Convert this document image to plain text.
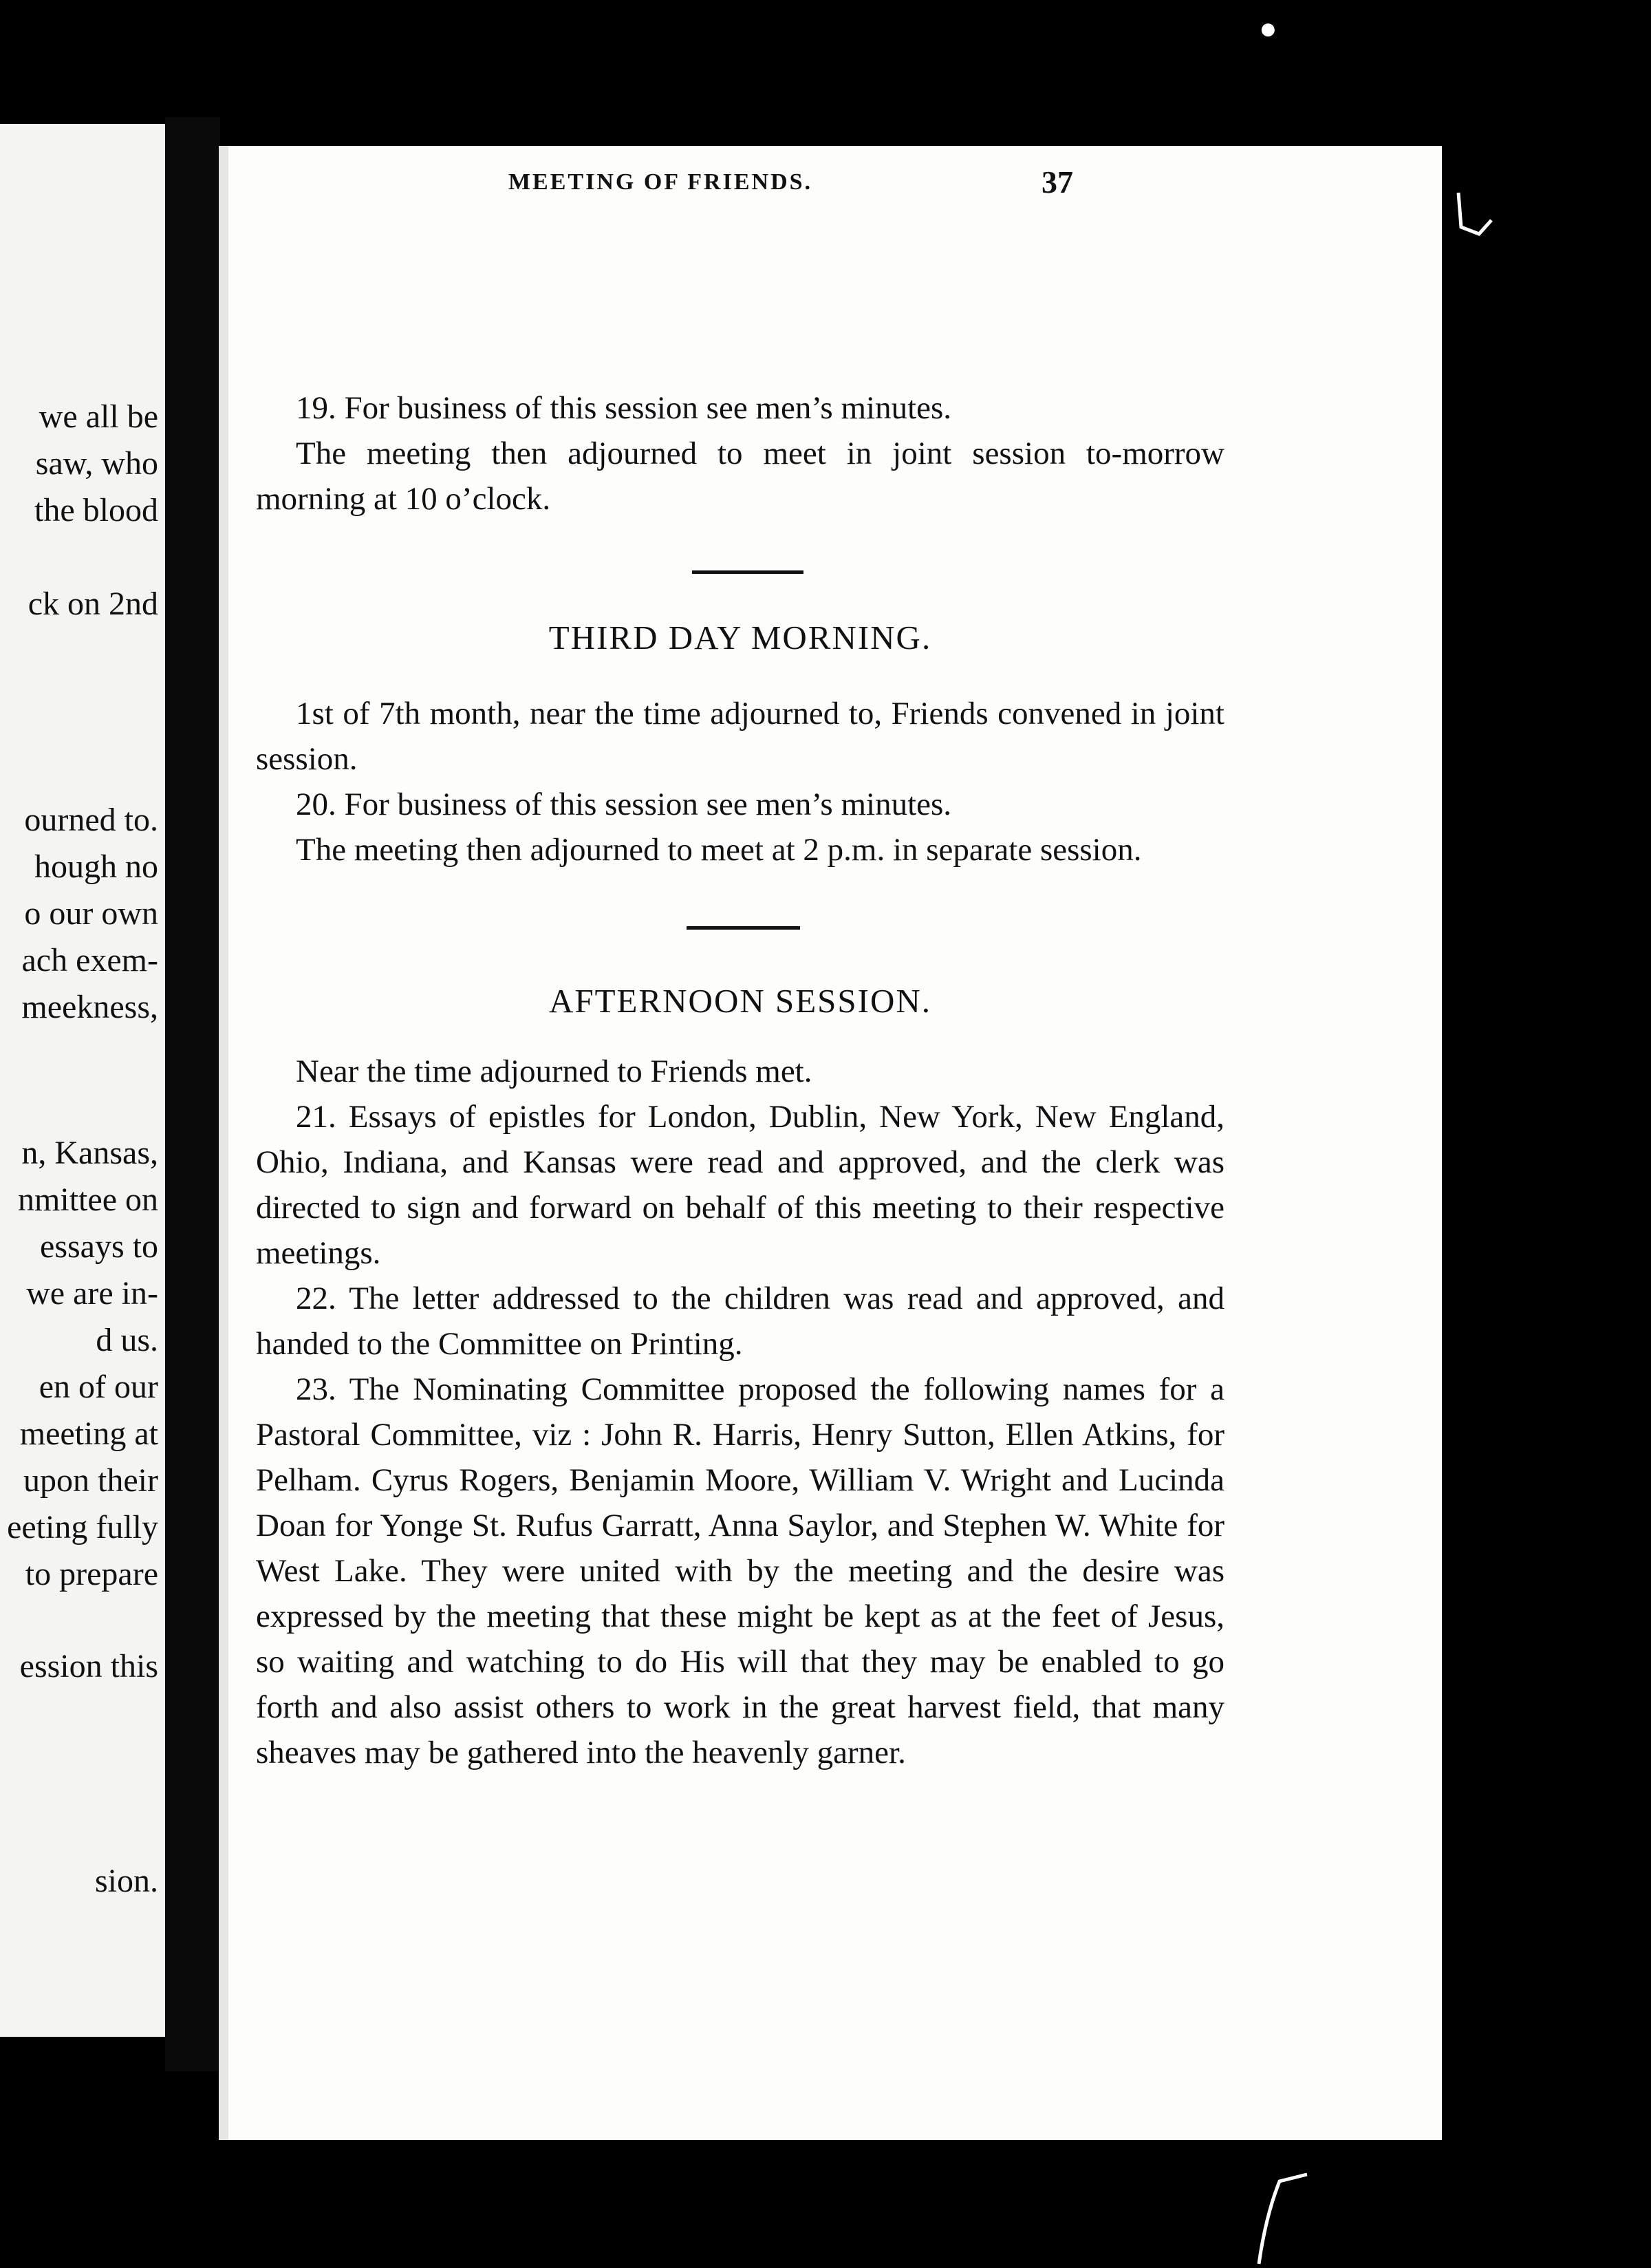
we all be
saw, who
the blood
ck on 2nd
ourned to.
hough no
o our own
ach exem-
meekness,
n, Kansas,
nmittee on
essays to
we are in-
d us.
en of our
meeting at
upon their
eeting fully
to prepare
ession this
sion.
MEETING OF FRIENDS.	37

19. For business of this session see men’s minutes.

The meeting then adjourned to meet in joint session to-morrow morning at 10 o’clock.

THIRD DAY MORNING.

1st of 7th month, near the time adjourned to, Friends convened in joint session.

20. For business of this session see men’s minutes.

The meeting then adjourned to meet at 2 p.m. in separate session.

AFTERNOON SESSION.

Near the time adjourned to Friends met.

21. Essays of epistles for London, Dublin, New York, New England, Ohio, Indiana, and Kansas were read and approved, and the clerk was directed to sign and forward on behalf of this meeting to their respective meetings.

22. The letter addressed to the children was read and approved, and handed to the Committee on Printing.

23. The Nominating Committee proposed the following names for a Pastoral Committee, viz : John R. Harris, Henry Sutton, Ellen Atkins, for Pelham. Cyrus Rogers, Benjamin Moore, William V. Wright and Lucinda Doan for Yonge St. Rufus Garratt, Anna Saylor, and Stephen W. White for West Lake. They were united with by the meeting and the desire was expressed by the meeting that these might be kept as at the feet of Jesus, so waiting and watching to do His will that they may be enabled to go forth and also assist others to work in the great harvest field, that many sheaves may be gathered into the heavenly garner.

●
